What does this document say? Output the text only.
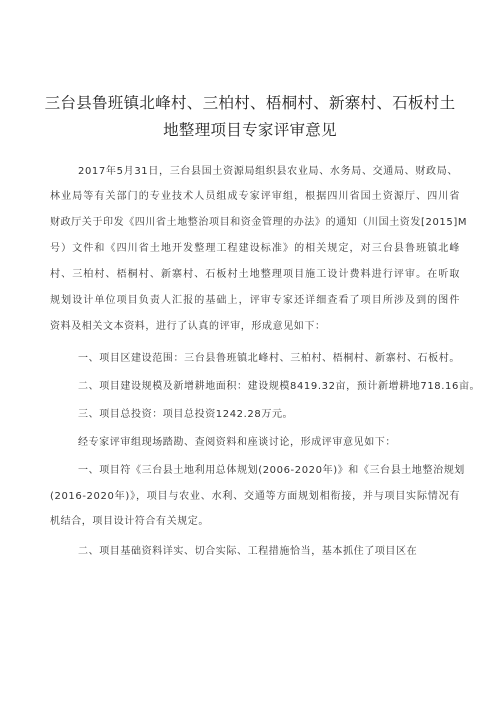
三台县鲁班镇北峰村、三柏村、梧桐村、新寨村、石板村土
地整理项目专家评审意见
2017年5月31日，三台县国土资源局组织县农业局、水务局、交通局、财政局、
林业局等有关部门的专业技术人员组成专家评审组，根据四川省国土资源厅、四川省
财政厅关于印发《四川省土地整治项目和资金管理的办法》的通知（川国土资发[2015]M
号）文件和《四川省土地开发整理工程建设标准》的相关规定，对三台县鲁班镇北峰
村、三柏村、梧桐村、新寨村、石板村土地整理项目施工设计费料进行评审。在听取
规划设计单位项目负责人汇报的基础上，评审专家还详细查看了项目所涉及到的图件
资料及相关文本资料，进行了认真的评审，形成意见如下：
一、项目区建设范围：三台县鲁班镇北峰村、三柏村、梧桐村、新寨村、石板村。
二、项目建设规模及新增耕地面积：建设规模8419.32亩，预计新增耕地718.16亩。
三、项目总投资：项目总投资1242.28万元。
经专家评审组现场踏勘、查阅资料和座谈讨论，形成评审意见如下：
一、项目符《三台县土地利用总体规划(2006-2020年)》和《三台县土地整治规划
(2016-2020年)》，项目与农业、水利、交通等方面规划相衔接，并与项目实际情况有
机结合，项目设计符合有关规定。
二、项目基础资料详实、切合实际、工程措施恰当，基本抓住了项目区在
